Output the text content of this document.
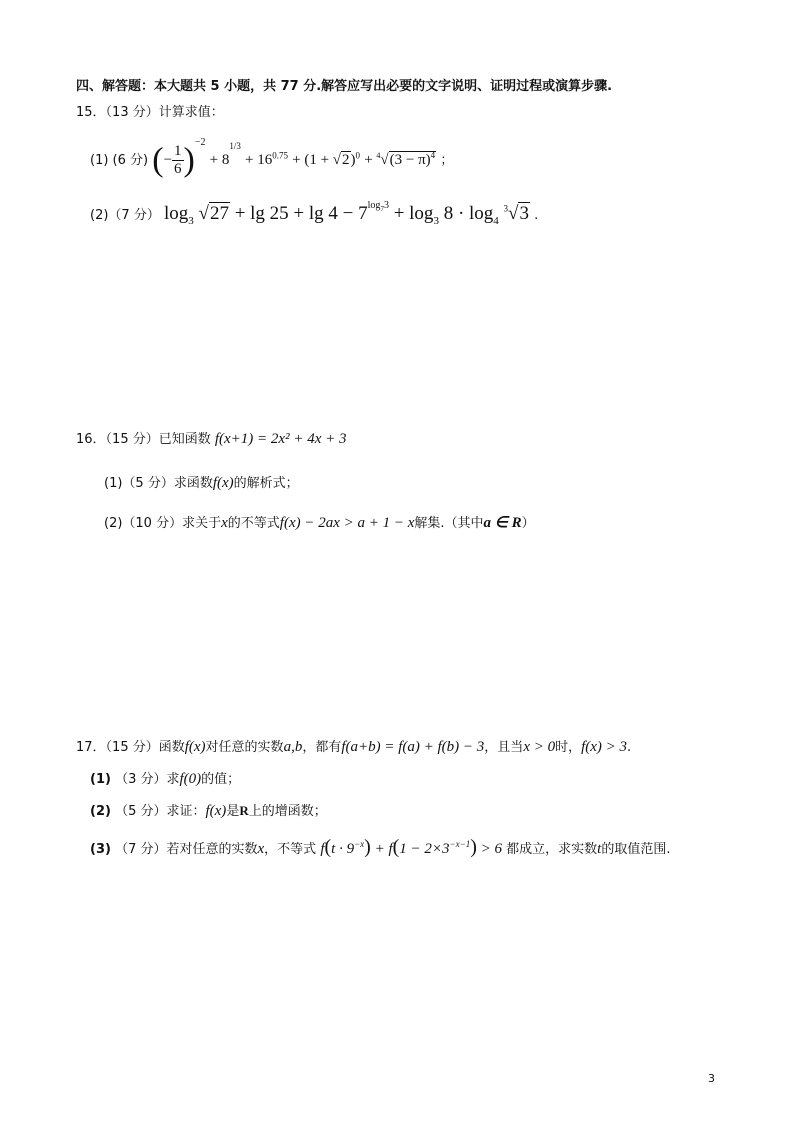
四、解答题：本大题共 5 小题，共 77 分.解答应写出必要的文字说明、证明过程或演算步骤.
15．（13 分）计算求值：
(1) (6 分) (− $\frac{1}{6} )^{-2} + 8^{1/3} + 16^{0.75} + (1 + √2)^0 + ^4√(3 - \pi)^4$ ；
(2)（7 分） $\log_3 √27 + \lg 25 + \lg 4 - 7^{log_73} + \log_3 8 \cdot \log_4 ^3√3$ .
16．（15 分）已知函数 f(x+1) = 2x² + 4x + 3
(1)（5 分）求函数f(x)的解析式；
(2)（10 分）求关于x的不等式f(x) − 2ax > a + 1 − x解集.（其中a ∈ R）
17．（15 分）函数f(x)对任意的实数a,b，都有f(a+b) = f(a) + f(b) − 3，且当x > 0时，f(x) > 3.
(1) （3 分）求f(0)的值；
(2) （5 分）求证：f(x)是R上的增函数；
(3) （7 分）若对任意的实数x，不等式 $f(t \cdot 9^{-x}) + f(1 - 2\times 3^{-x-1}) > 6$ 都成立，求实数t的取值范围.
3
